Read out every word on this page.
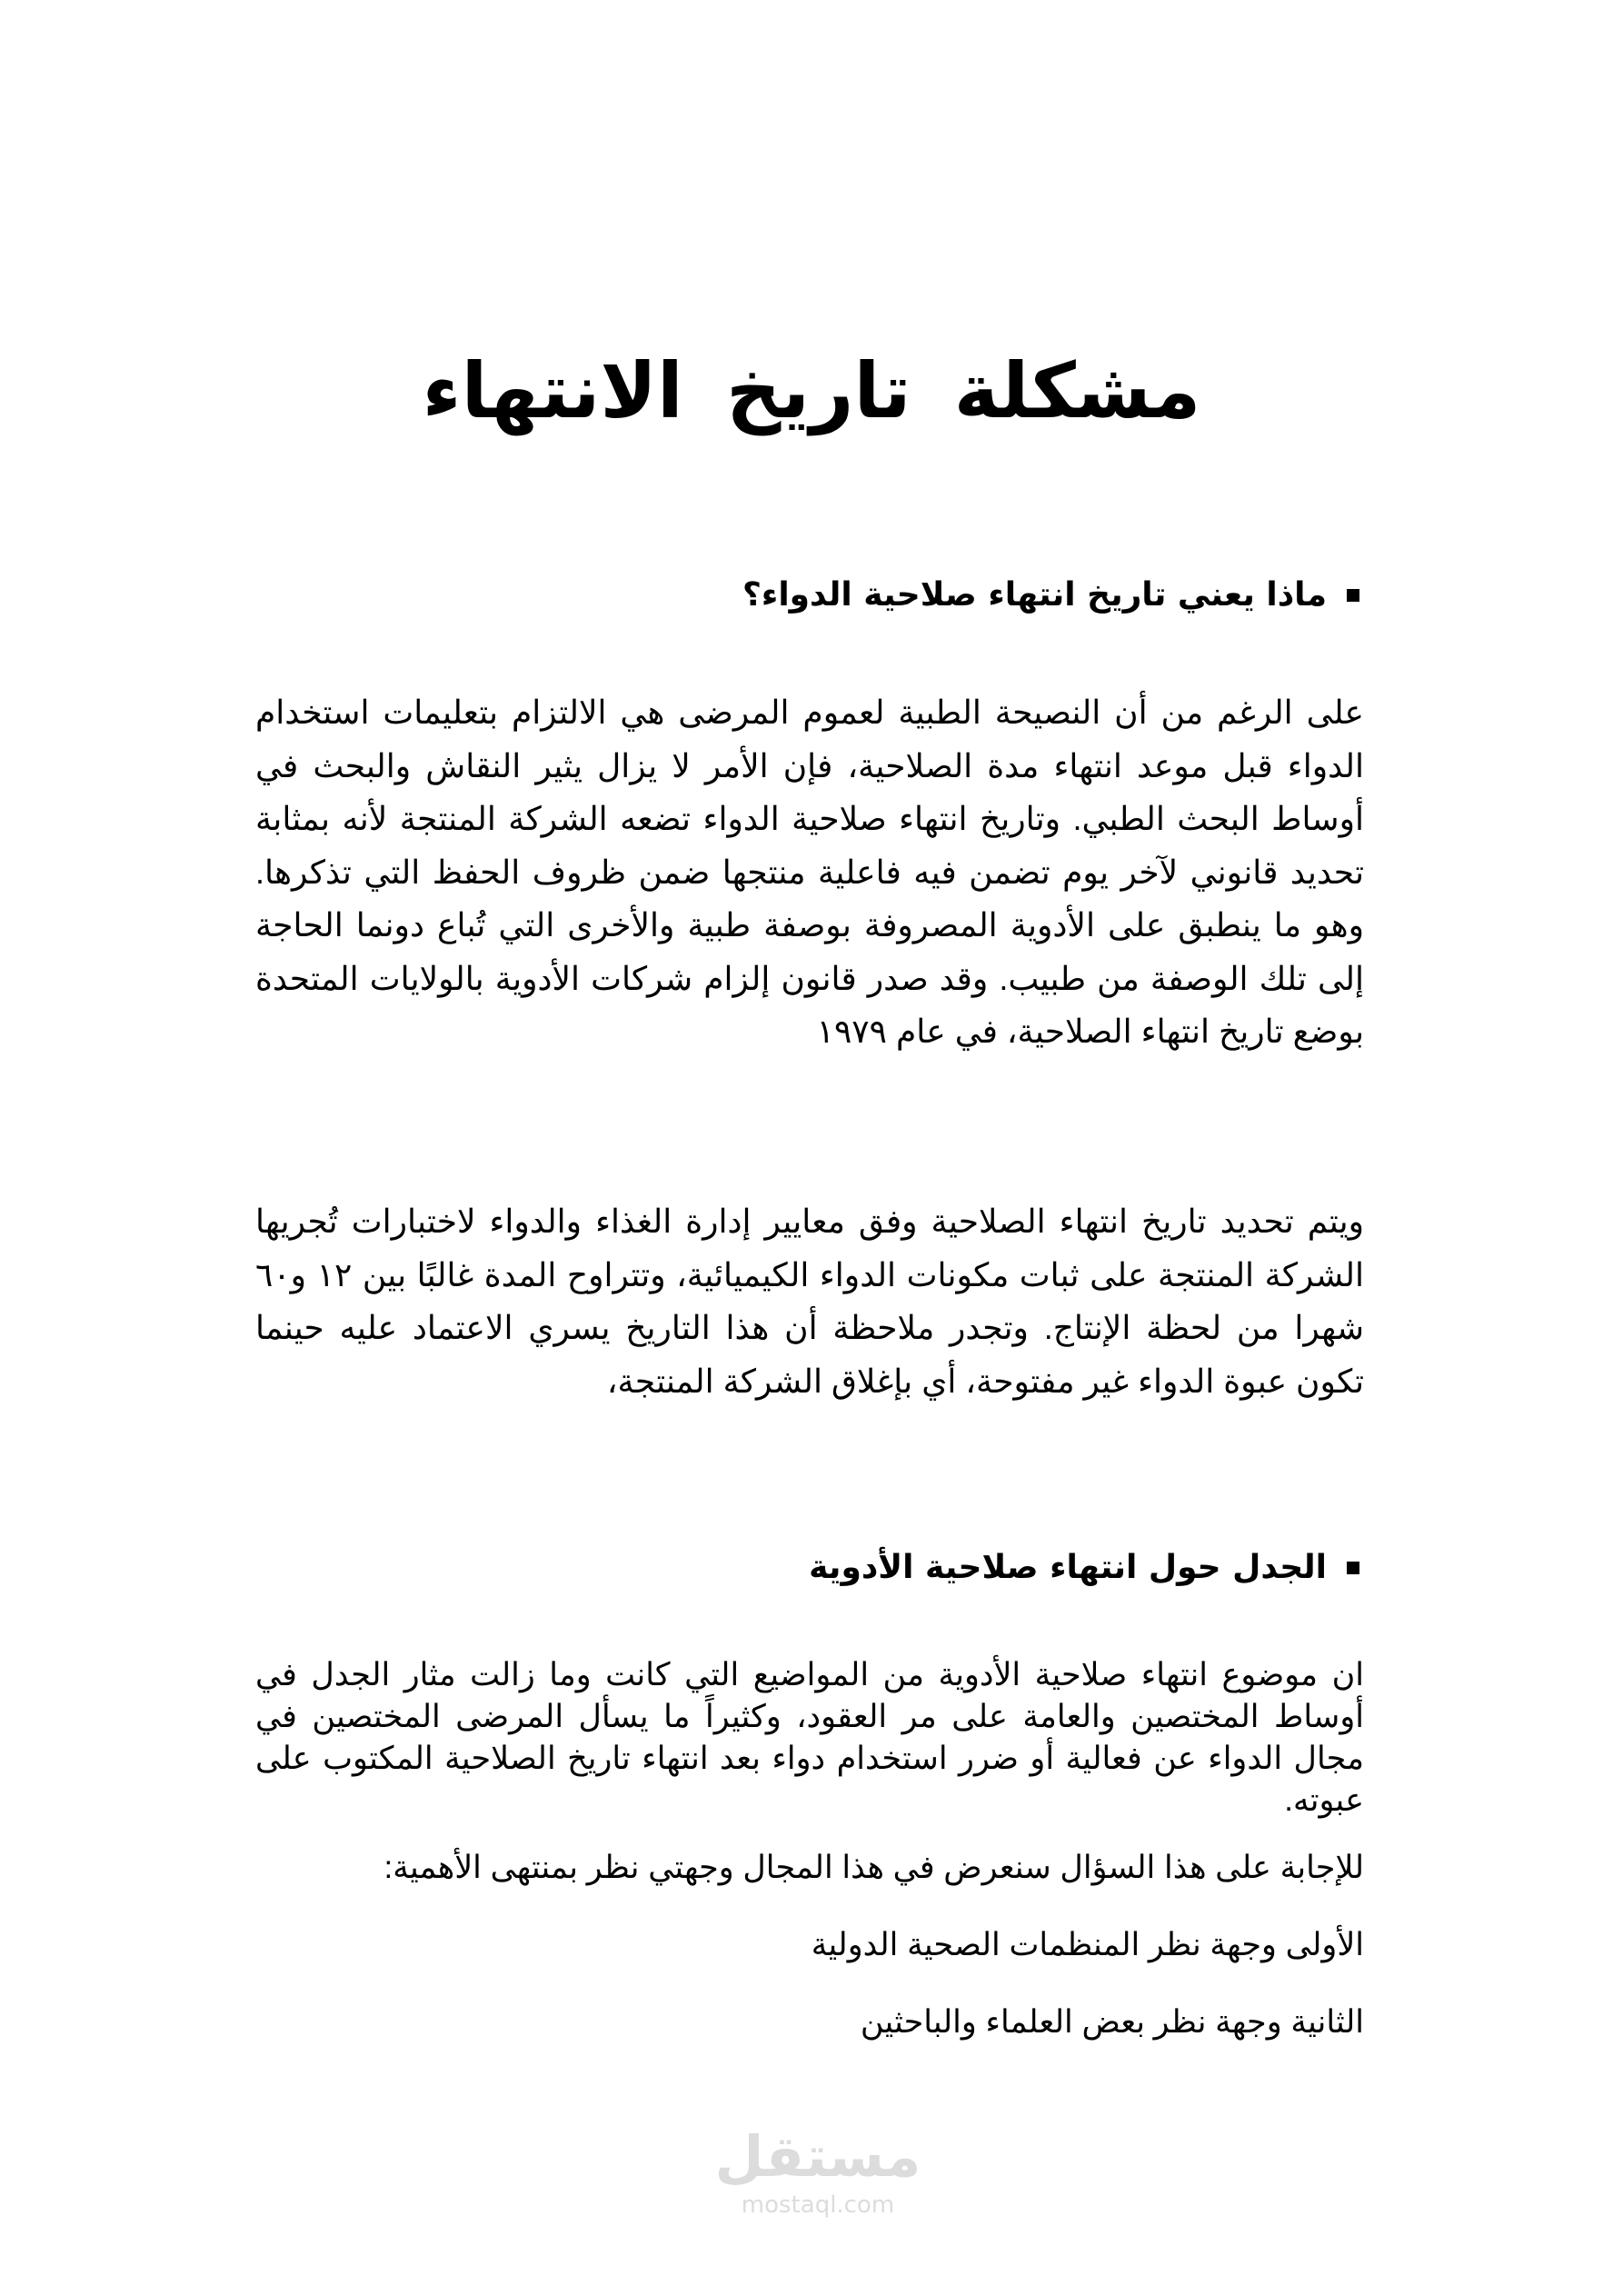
مشكلة تاريخ الانتهاء
ماذا يعني تاريخ انتهاء صلاحية الدواء؟

على الرغم من أن النصيحة الطبية لعموم المرضى هي الالتزام بتعليمات استخدام الدواء قبل موعد انتهاء مدة الصلاحية، فإن الأمر لا يزال يثير النقاش والبحث في أوساط البحث الطبي. وتاريخ انتهاء صلاحية الدواء تضعه الشركة المنتجة لأنه بمثابة تحديد قانوني لآخر يوم تضمن فيه فاعلية منتجها ضمن ظروف الحفظ التي تذكرها. وهو ما ينطبق على الأدوية المصروفة بوصفة طبية والأخرى التي تُباع دونما الحاجة إلى تلك الوصفة من طبيب. وقد صدر قانون إلزام شركات الأدوية بالولايات المتحدة بوضع تاريخ انتهاء الصلاحية، في عام ١٩٧٩

ويتم تحديد تاريخ انتهاء الصلاحية وفق معايير إدارة الغذاء والدواء لاختبارات تُجريها الشركة المنتجة على ثبات مكونات الدواء الكيميائية، وتتراوح المدة غالبًا بين ١٢ و٦٠ شهرا من لحظة الإنتاج. وتجدر ملاحظة أن هذا التاريخ يسري الاعتماد عليه حينما تكون عبوة الدواء غير مفتوحة، أي بإغلاق الشركة المنتجة،

الجدل حول انتهاء صلاحية الأدوية

ان موضوع انتهاء صلاحية الأدوية من المواضيع التي كانت وما زالت مثار الجدل في أوساط المختصين والعامة على مر العقود، وكثيراً ما يسأل المرضى المختصين في مجال الدواء عن فعالية أو ضرر استخدام دواء بعد انتهاء تاريخ الصلاحية المكتوب على عبوته.

للإجابة على هذا السؤال سنعرض في هذا المجال وجهتي نظر بمنتهى الأهمية:

الأولى وجهة نظر المنظمات الصحية الدولية

الثانية وجهة نظر بعض العلماء والباحثين

مستقل
mostaql.com
